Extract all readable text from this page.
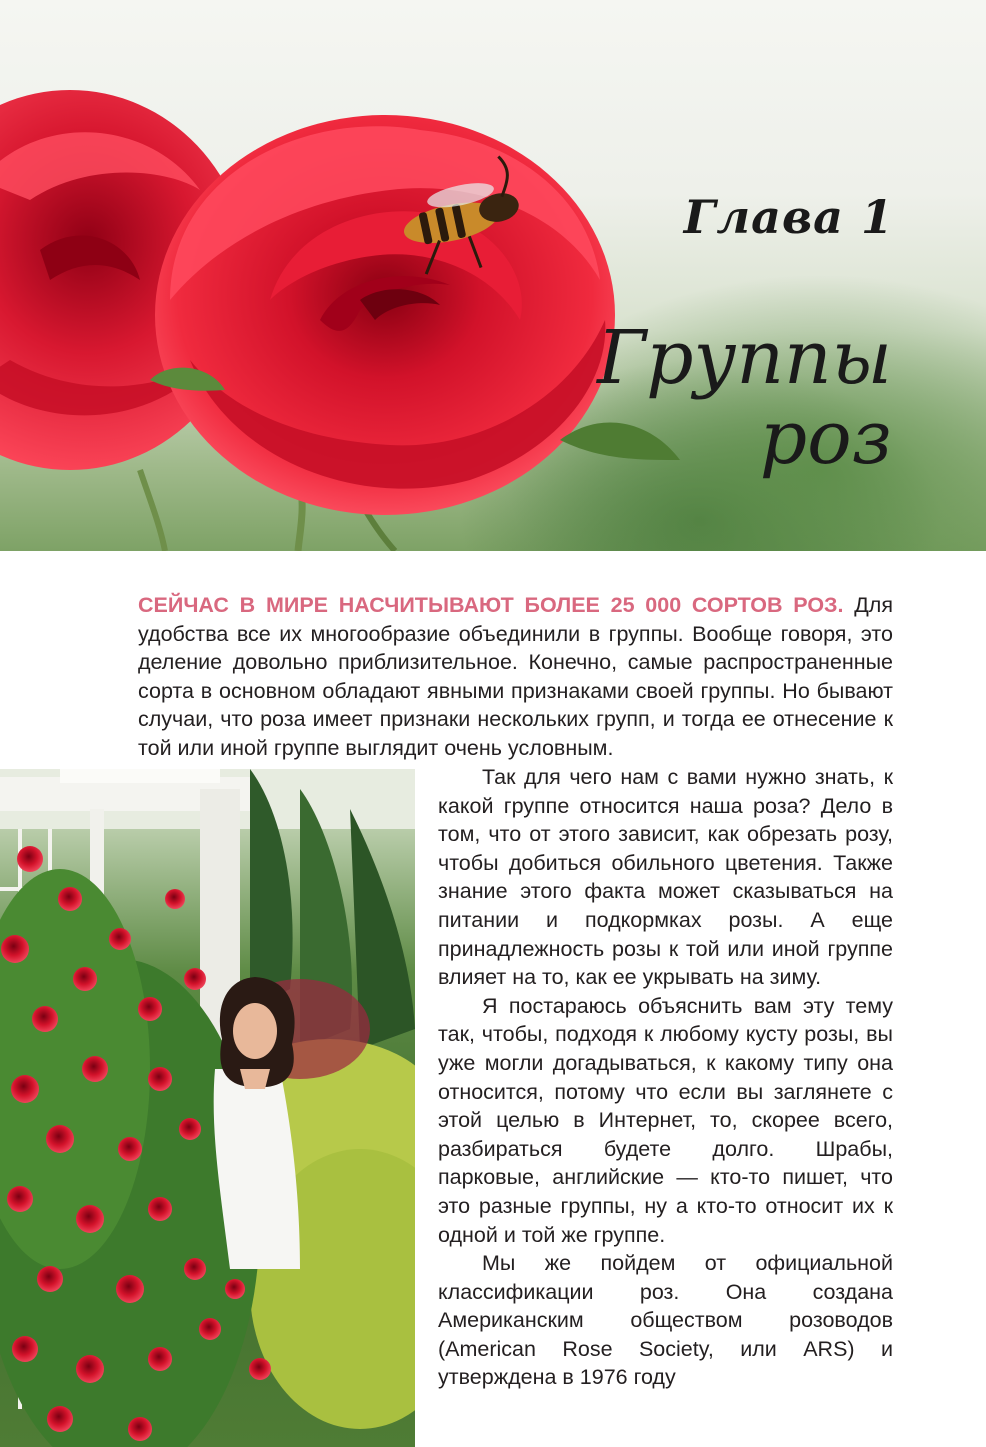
Глава 1
Группы
роз

СЕЙЧАС В МИРЕ НАСЧИТЫВАЮТ БОЛЕЕ 25 000 СОРТОВ РОЗ. Для удобства все их многообразие объединили в группы. Вообще говоря, это деление довольно приблизительное. Конечно, самые распространенные сорта в основном обладают явными признаками своей группы. Но бывают случаи, что роза имеет признаки нескольких групп, и тогда ее отнесение к той или иной группе выглядит очень условным.

Так для чего нам с вами нужно знать, к какой группе относится наша роза? Дело в том, что от этого зависит, как обрезать розу, чтобы добиться обильного цветения. Также знание этого факта может сказываться на питании и подкормках розы. А еще принадлежность розы к той или иной группе влияет на то, как ее укрывать на зиму.

Я постараюсь объяснить вам эту тему так, чтобы, подходя к любому кусту розы, вы уже могли догадываться, к какому типу она относится, потому что если вы заглянете с этой целью в Интернет, то, скорее всего, разбираться будете долго. Шрабы, парковые, английские — кто-то пишет, что это разные группы, ну а кто-то относит их к одной и той же группе.

Мы же пойдем от официальной классификации роз. Она создана Американским обществом розоводов (American Rose Society, или ARS) и утверждена в 1976 году
